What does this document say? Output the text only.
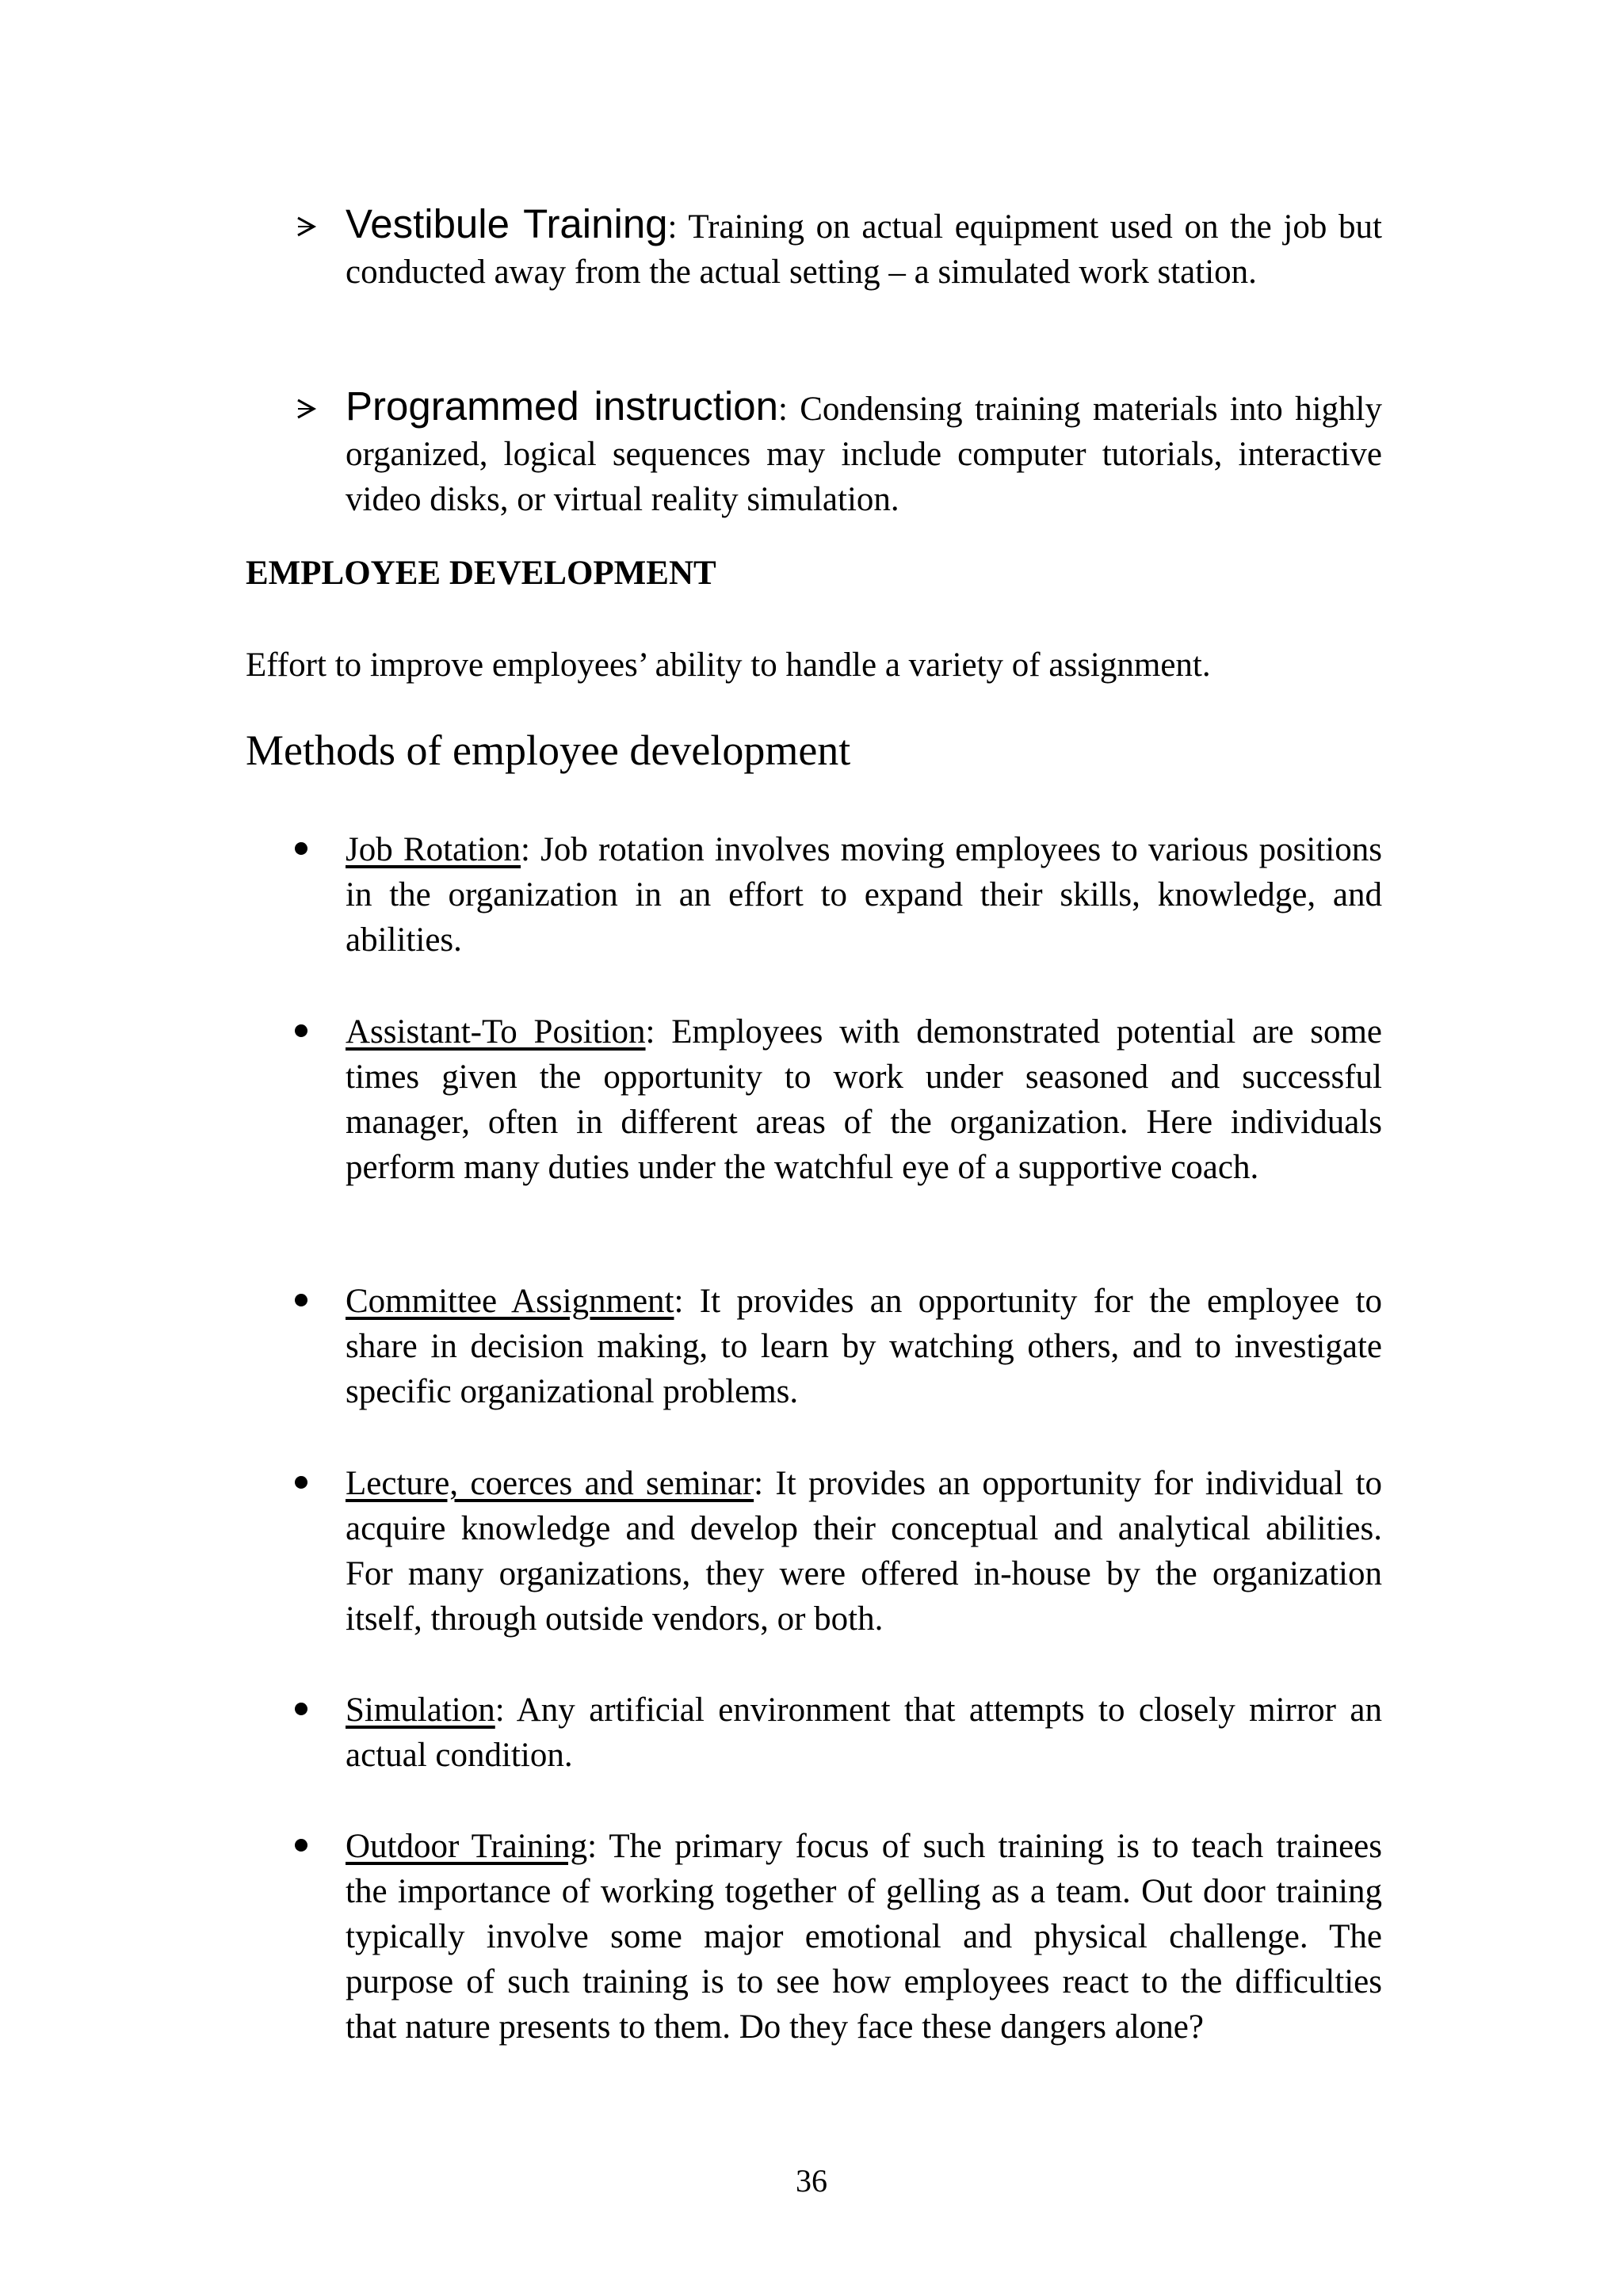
Vestibule Training: Training on actual equipment used on the job but conducted away from the actual setting – a simulated work station.
Programmed instruction: Condensing training materials into highly organized, logical sequences may include computer tutorials, interactive video disks, or virtual reality simulation.
EMPLOYEE DEVELOPMENT
Effort to improve employees’ ability to handle a variety of assignment.
Methods of employee development
Job Rotation: Job rotation involves moving employees to various positions in the organization in an effort to expand their skills, knowledge, and abilities.
Assistant-To Position: Employees with demonstrated potential are some times given the opportunity to work under seasoned and successful manager, often in different areas of the organization. Here individuals perform many duties under the watchful eye of a supportive coach.
Committee Assignment: It provides an opportunity for the employee to share in decision making, to learn by watching others, and to investigate specific organizational problems.
Lecture, coerces and seminar: It provides an opportunity for individual to acquire knowledge and develop their conceptual and analytical abilities. For many organizations, they were offered in-house by the organization itself, through outside vendors, or both.
Simulation: Any artificial environment that attempts to closely mirror an actual condition.
Outdoor Training: The primary focus of such training is to teach trainees the importance of working together of gelling as a team. Out door training typically involve some major emotional and physical challenge. The purpose of such training is to see how employees react to the difficulties that nature presents to them. Do they face these dangers alone?
36
